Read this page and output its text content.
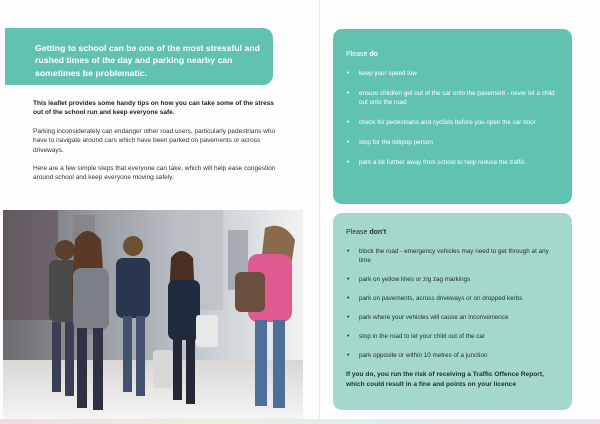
Getting to school can be one of the most stressful and rushed times of the day and parking nearby can sometimes be problematic.

This leaflet provides some handy tips on how you can take some of the stress out of the school run and keep everyone safe.

Parking inconsiderately can endanger other road users, particularly pedestrians who have to navigate around cars which have been parked on pavements or across driveways.

Here are a few simple steps that everyone can take, which will help ease congestion around school and keep everyone moving safely.

Please do

• keep your speed low
• ensure children get out of the car onto the pavement - never let a child out onto the road
• check for pedestrians and cyclists before you open the car door
• stop for the lollipop person
• park a bit further away from school to help reduce the traffic

Please don't

• block the road - emergency vehicles may need to get through at any time
• park on yellow lines or zig zag markings
• park on pavements, across driveways or on dropped kerbs
• park where your vehicles will cause an inconvenience
• stop in the road to let your child out of the car
• park opposite or within 10 metres of a junction

If you do, you run the risk of receiving a Traffic Offence Report, which could result in a fine and points on your licence
